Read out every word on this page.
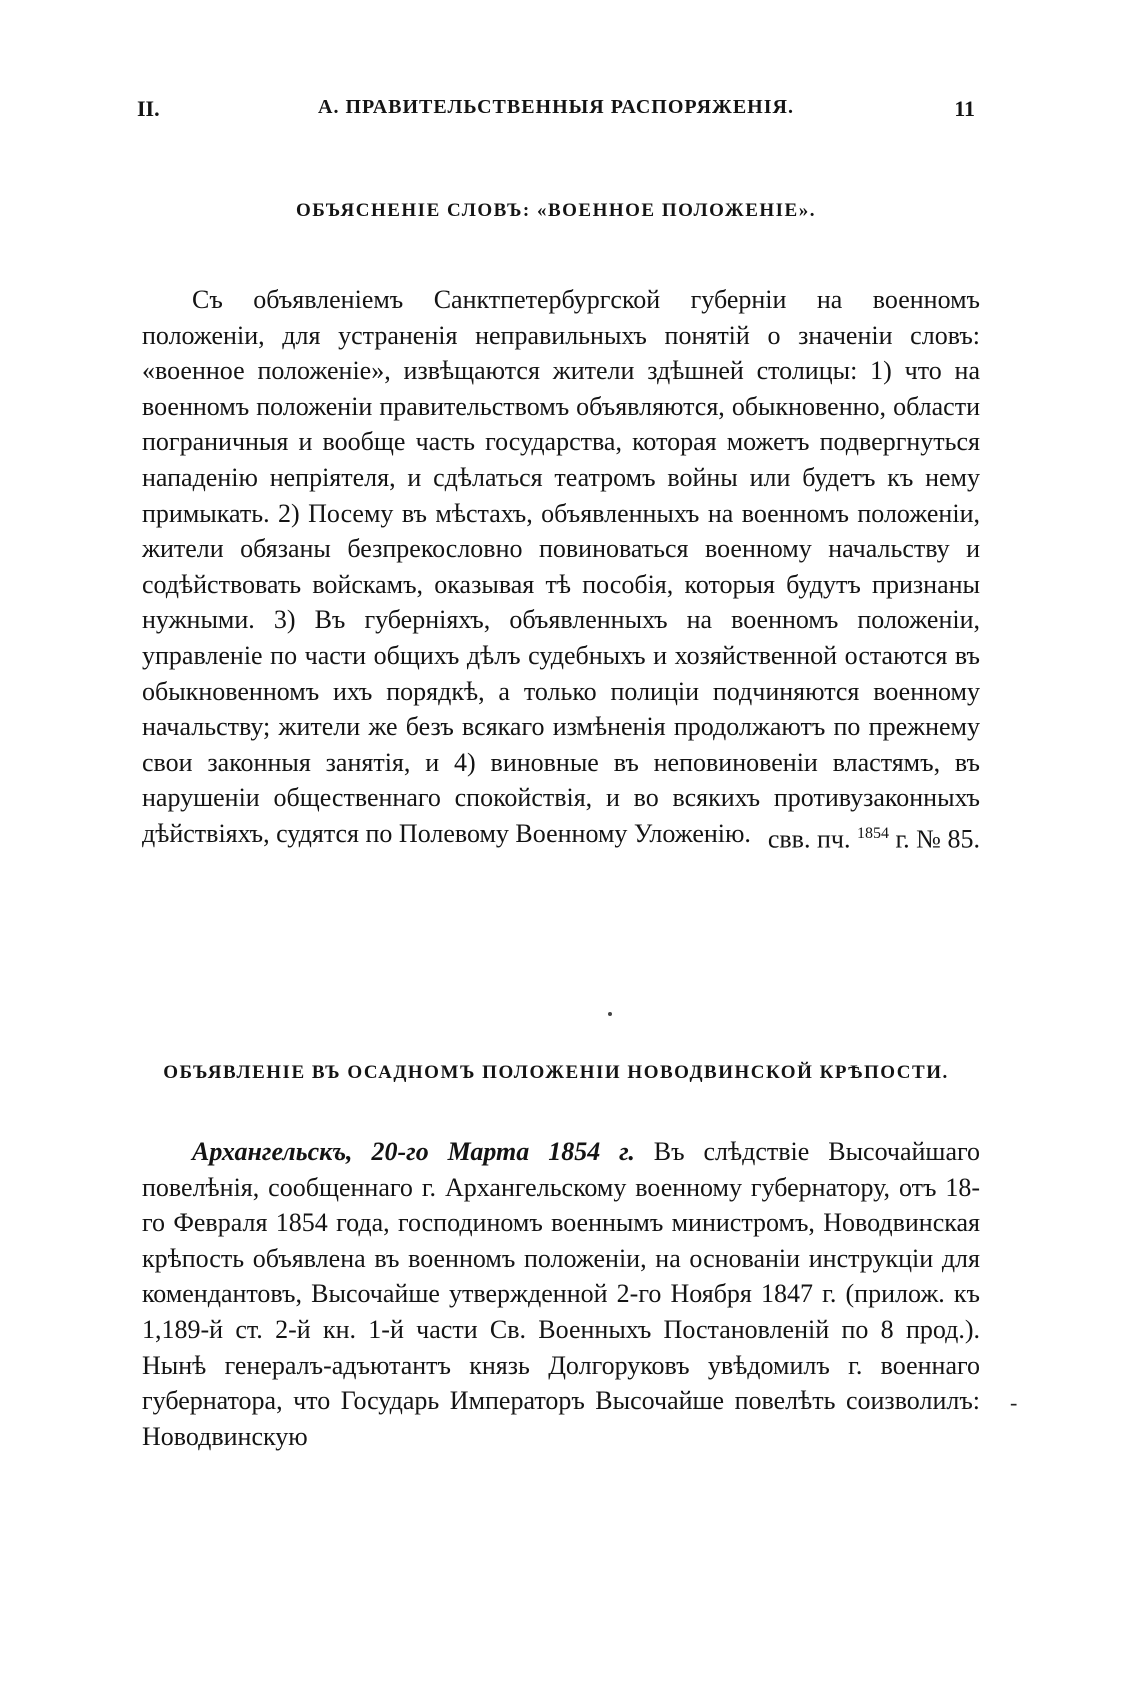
II.	А. ПРАВИТЕЛЬСТВЕННЫЯ РАСПОРЯЖЕНІЯ.	11
ОБЪЯСНЕНІЕ СЛОВЪ: «ВОЕННОЕ ПОЛОЖЕНІЕ».

Съ объявленіемъ Санктпетербургской губерніи на военномъ положеніи, для устраненія неправильныхъ понятій о значеніи словъ: «военное положеніе», извѣщаются жители здѣшней столицы: 1) что на военномъ положеніи правительствомъ объявляются, обыкновенно, области пограничныя и вообще часть государства, которая можетъ подвергнуться нападенію непріятеля, и сдѣлаться театромъ войны или будетъ къ нему примыкать. 2) Посему въ мѣстахъ, объявленныхъ на военномъ положеніи, жители обязаны безпрекословно повиноваться военному начальству и содѣйствовать войскамъ, оказывая тѣ пособія, которыя будутъ признаны нужными. 3) Въ губерніяхъ, объявленныхъ на военномъ положеніи, управленіе по части общихъ дѣлъ судебныхъ и хозяйственной остаются въ обыкновенномъ ихъ порядкѣ, а только полиціи подчиняются военному начальству; жители же безъ всякаго измѣненія продолжаютъ по прежнему свои законныя занятія, и 4) виновные въ неповиновеніи властямъ, въ нарушеніи общественнаго спокойствія, и во всякихъ противузаконныхъ дѣйствіяхъ, судятся по Полевому Военному Уложенію. свв. пч. $^{1854}$ г. № 85.

ОБЪЯВЛЕНІЕ ВЪ ОСАДНОМЪ ПОЛОЖЕНІИ НОВОДВИНСКОЙ КРѢПОСТИ.

Архангельскъ, 20-го Марта 1854 г. Въ слѣдствіе Высочайшаго повелѣнія, сообщеннаго г. Архангельскому военному губернатору, отъ 18-го Февраля 1854 года, господиномъ военнымъ министромъ, Новодвинская крѣпость объявлена въ военномъ положеніи, на основаніи инструкціи для комендантовъ, Высочайше утвержденной 2-го Ноября 1847 г. (прилож. къ 1,189-й ст. 2-й кн. 1-й части Св. Военныхъ Постановленій по 8 прод.). Нынѣ генералъ-адъютантъ князь Долгоруковъ увѣдомилъ г. военнаго губернатора, что Государь Императоръ Высочайше повелѣть соизволилъ: Новодвинскую

-
